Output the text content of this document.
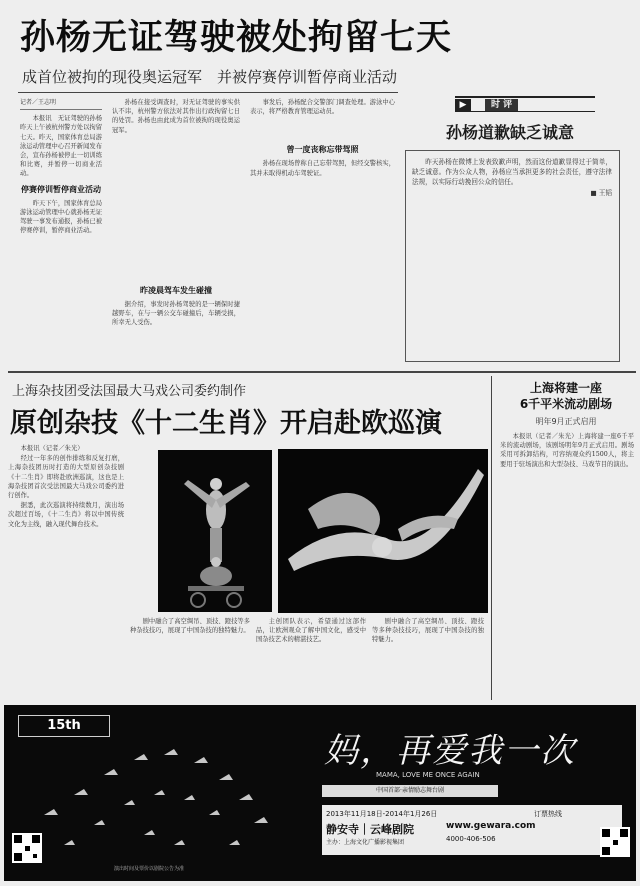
孙杨无证驾驶被处拘留七天
成首位被拘的现役奥运冠军　并被停赛停训暂停商业活动
记者／王志明

本报讯　无证驾驶的孙杨昨天上午被杭州警方处以拘留七天。昨天，国家体育总局游泳运动管理中心召开新闻发布会，宣布孙杨被停止一切训练和比赛，并暂停一切商业活动。

停赛停训暂停商业活动

昨天下午，国家体育总局游泳运动管理中心就孙杨无证驾驶一事发布通报，孙杨已被停赛停训，暂停商业活动。

孙杨在接受调查时，对无证驾驶的事实供认不讳，杭州警方依法对其作出行政拘留七日的处罚。孙杨也由此成为首位被拘的现役奥运冠军。

昨凌晨驾车发生碰撞

据介绍，事发时孙杨驾驶的是一辆保时捷越野车，在与一辆公交车碰撞后，车辆受损，所幸无人受伤。

事发后，孙杨配合交警部门调查处理。游泳中心表示，将严格教育管理运动员。

曾一度丧称忘带驾照

孙杨在现场曾称自己忘带驾照，但经交警核实，其并未取得机动车驾驶证。

▶	时 评
孙杨道歉缺乏诚意

昨天孙杨在微博上发表致歉声明，然而这份道歉显得过于简单，缺乏诚意。作为公众人物，孙杨应当承担更多的社会责任，遵守法律法规，以实际行动挽回公众的信任。

■ 王韬

上海杂技团受法国最大马戏公司委约制作
原创杂技《十二生肖》开启赴欧巡演

本报讯（记者／朱光）

经过一年多的创作排练和反复打磨，上海杂技团历时打造的大型原创杂技剧《十二生肖》即将赴欧洲巡演，这也是上海杂技团首次受法国最大马戏公司委约进行创作。

据悉，此次巡演将持续数月，演出场次超过百场，《十二生肖》将以中国传统文化为主线，融入现代舞台技术。

剧中融合了高空绸吊、顶技、蹬技等多种杂技技巧，展现了中国杂技的独特魅力。

主创团队表示，希望通过这部作品，让欧洲观众了解中国文化，感受中国杂技艺术的精湛技艺。

剧中融合了高空绸吊、顶技、蹬技等多种杂技技巧，展现了中国杂技的独特魅力。

上海将建一座
6千平米流动剧场
明年9月正式启用

本报讯（记者／朱光）上海将建一座6千平米的流动剧场，该剧场明年9月正式启用。剧场采用可拆卸结构，可容纳观众约1500人，将主要用于驻场演出和大型杂技、马戏节目的演出。

15th
妈，再爱我一次
MAMA, LOVE ME ONCE AGAIN
中国首部·亲情励志舞台剧
2013年11月18日-2014年1月26日	订票热线
静安寺｜云峰剧院	www.gewara.com
4000-406-506
主办：上海文化广播影视集团
演出时间及票价以剧院公告为准
